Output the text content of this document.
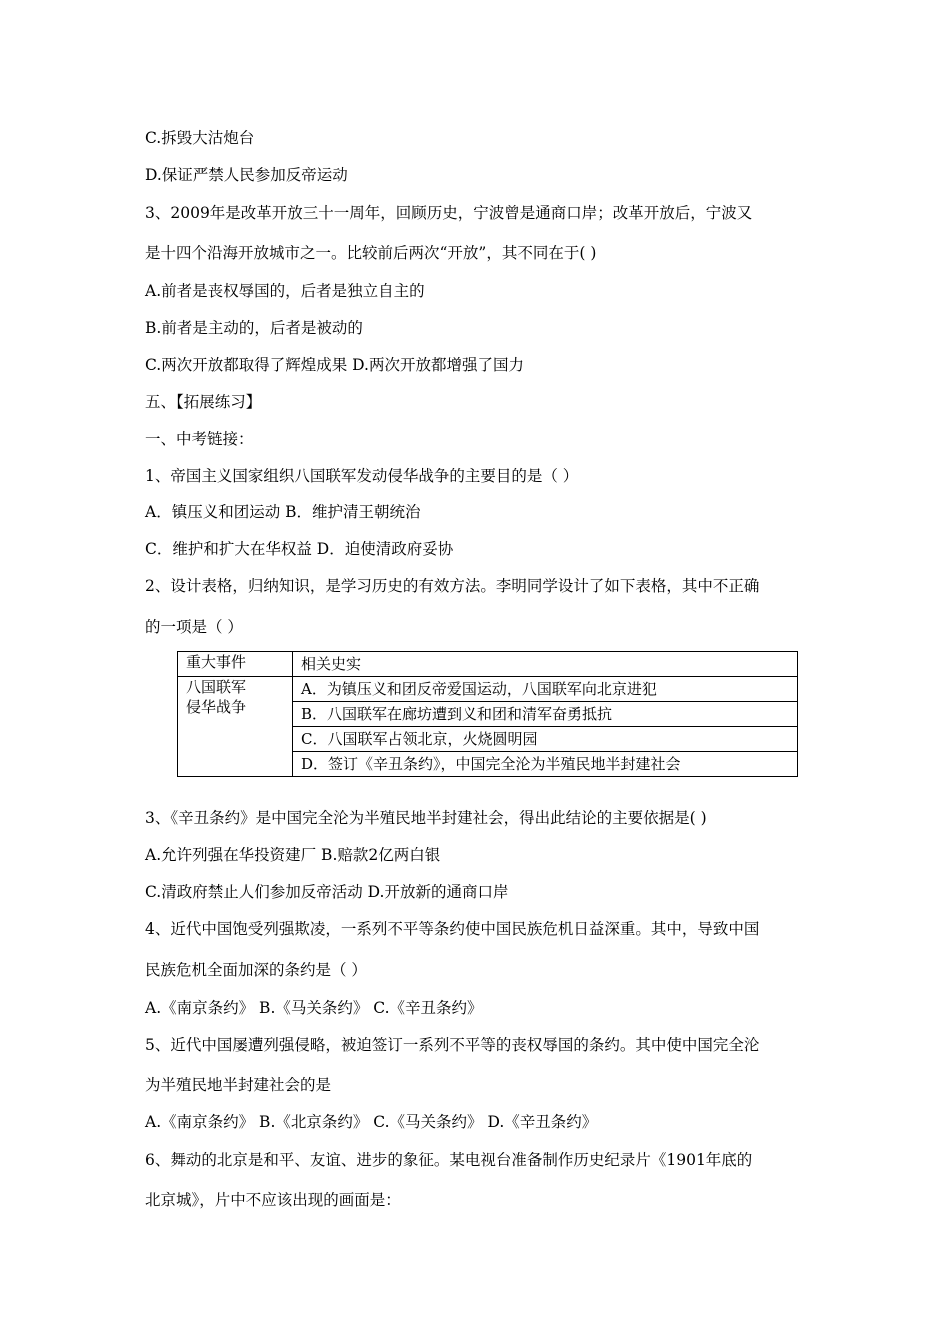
C.拆毁大沽炮台
D.保证严禁人民参加反帝运动
3、2009年是改革开放三十一周年，回顾历史，宁波曾是通商口岸；改革开放后，宁波又
是十四个沿海开放城市之一。比较前后两次“开放”，其不同在于( )
A.前者是丧权辱国的，后者是独立自主的
B.前者是主动的，后者是被动的
C.两次开放都取得了辉煌成果 D.两次开放都增强了国力
五、【拓展练习】
一、中考链接：
1、帝国主义国家组织八国联军发动侵华战争的主要目的是（ ）
A．镇压义和团运动 B．维护清王朝统治
C．维护和扩大在华权益 D．迫使清政府妥协
2、设计表格，归纳知识，是学习历史的有效方法。李明同学设计了如下表格，其中不正确
的一项是（ ）
重大事件	相关史实

八国联军
侵华战争	A．为镇压义和团反帝爱国运动，八国联军向北京进犯
	B．八国联军在廊坊遭到义和团和清军奋勇抵抗
	C．八国联军占领北京，火烧圆明园
	D．签订《辛丑条约》，中国完全沦为半殖民地半封建社会
3、《辛丑条约》是中国完全沦为半殖民地半封建社会，得出此结论的主要依据是( )
A.允许列强在华投资建厂 B.赔款2亿两白银
C.清政府禁止人们参加反帝活动 D.开放新的通商口岸
4、近代中国饱受列强欺凌，一系列不平等条约使中国民族危机日益深重。其中，导致中国
民族危机全面加深的条约是（ ）
A.《南京条约》 B.《马关条约》 C.《辛丑条约》
5、近代中国屡遭列强侵略，被迫签订一系列不平等的丧权辱国的条约。其中使中国完全沦
为半殖民地半封建社会的是
A.《南京条约》 B.《北京条约》 C.《马关条约》 D.《辛丑条约》
6、舞动的北京是和平、友谊、进步的象征。某电视台准备制作历史纪录片《1901年底的
北京城》，片中不应该出现的画面是：
